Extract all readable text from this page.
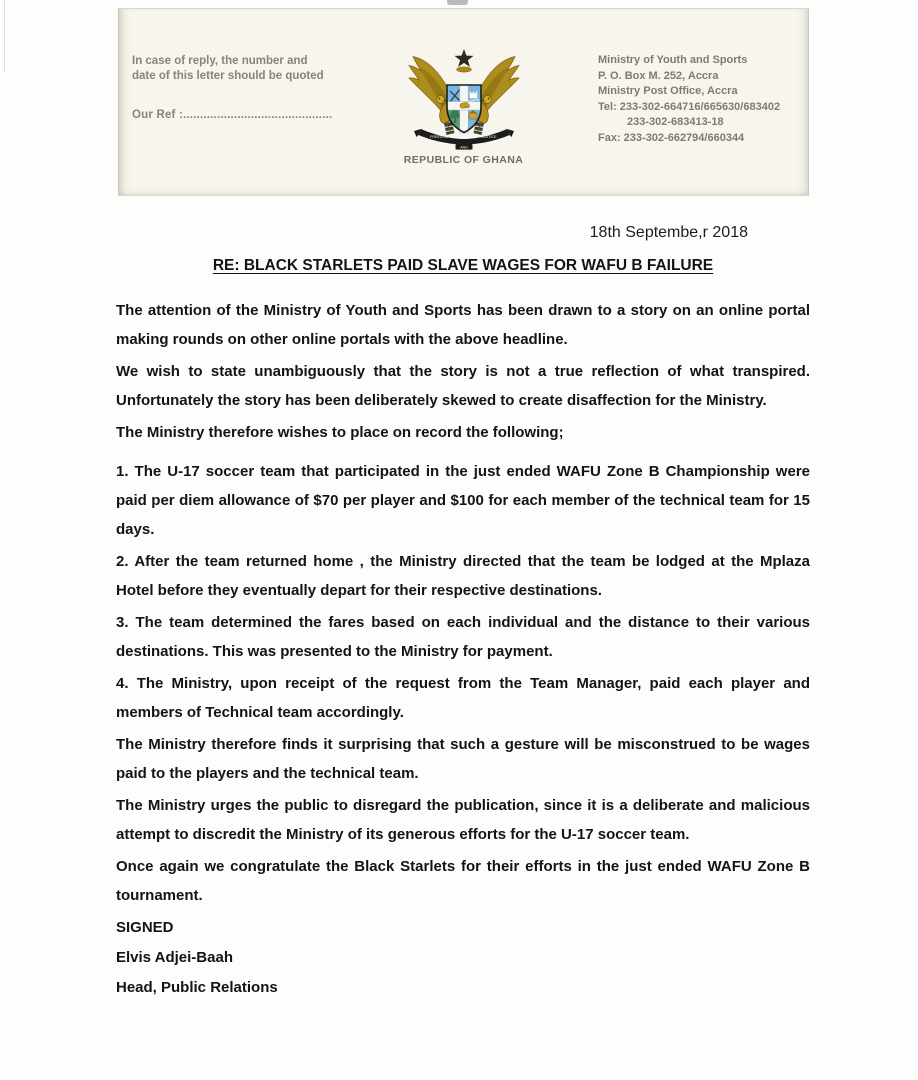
In case of reply, the number and
date of this letter should be quoted
Our Ref :............................................
FREEDOM	JUSTICE
AND
REPUBLIC OF GHANA
Ministry of Youth and Sports
P. O. Box M. 252, Accra
Ministry Post Office, Accra
Tel: 233-302-664716/665630/683402
233-302-683413-18
Fax: 233-302-662794/660344
18th Septembe,r 2018
RE: BLACK STARLETS PAID SLAVE WAGES FOR WAFU B FAILURE

The attention of the Ministry of Youth and Sports has been drawn to a story on an online portal making rounds on other online portals with the above headline.

We wish to state unambiguously that the story is not a true reflection of what transpired. Unfortunately the story has been deliberately skewed to create disaffection for the Ministry.

The Ministry therefore wishes to place on record the following;

1. The U-17 soccer team that participated in the just ended WAFU Zone B Championship were paid per diem allowance of $70 per player and $100 for each member of the technical team for 15 days.

2. After the team returned home , the Ministry directed that the team be lodged at the Mplaza Hotel before they eventually depart for their respective destinations.

3. The team determined the fares based on each individual and the distance to their various destinations. This was presented to the Ministry for payment.

4. The Ministry, upon receipt of the request from the Team Manager, paid each player and members of Technical team accordingly.

The Ministry therefore finds it surprising that such a gesture will be misconstrued to be wages paid to the players and the technical team.

The Ministry urges the public to disregard the publication, since it is a deliberate and malicious attempt to discredit the Ministry of its generous efforts for the U-17 soccer team.

Once again we congratulate the Black Starlets for their efforts in the just ended WAFU Zone B tournament.

SIGNED

Elvis Adjei-Baah

Head, Public Relations
